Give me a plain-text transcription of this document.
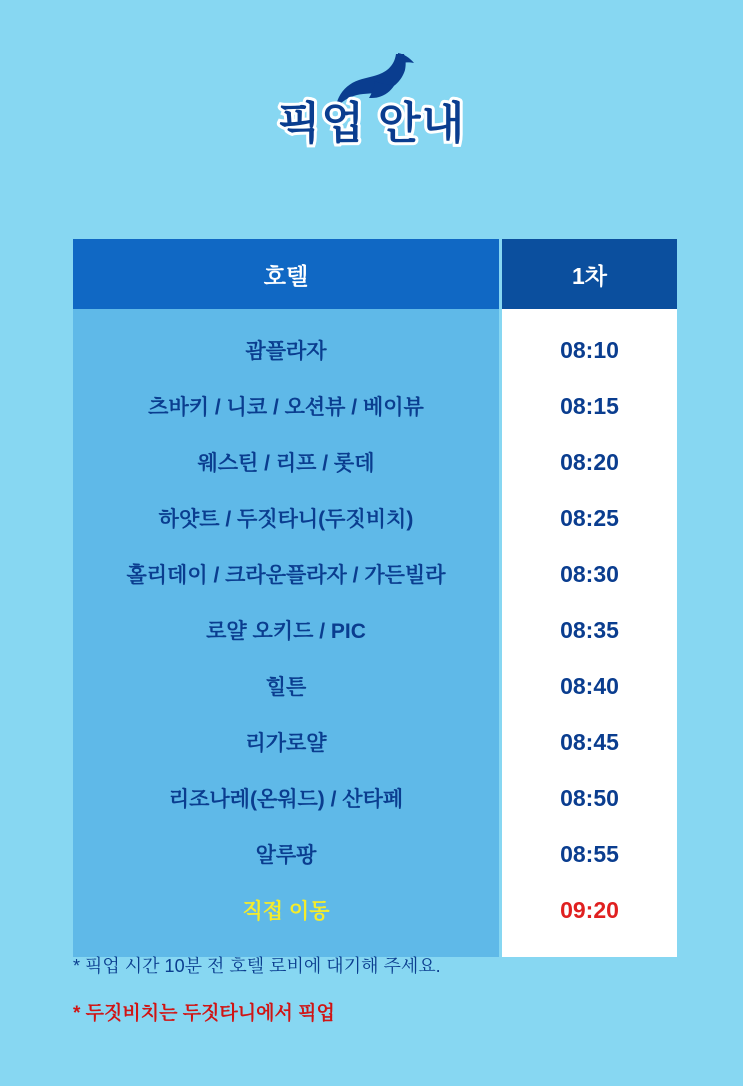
픽업 안내
호텔	1차
괌플라자	08:10
츠바키 / 니코 / 오션뷰 / 베이뷰	08:15
웨스틴 / 리프 / 롯데	08:20
하얏트 / 두짓타니(두짓비치)	08:25
홀리데이 / 크라운플라자 / 가든빌라	08:30
로얄 오키드 / PIC	08:35
힐튼	08:40
리가로얄	08:45
리조나레(온워드) / 산타페	08:50
알루팡	08:55
직접 이동	09:20
* 픽업 시간 10분 전 호텔 로비에 대기해 주세요.
* 두짓비치는 두짓타니에서 픽업
